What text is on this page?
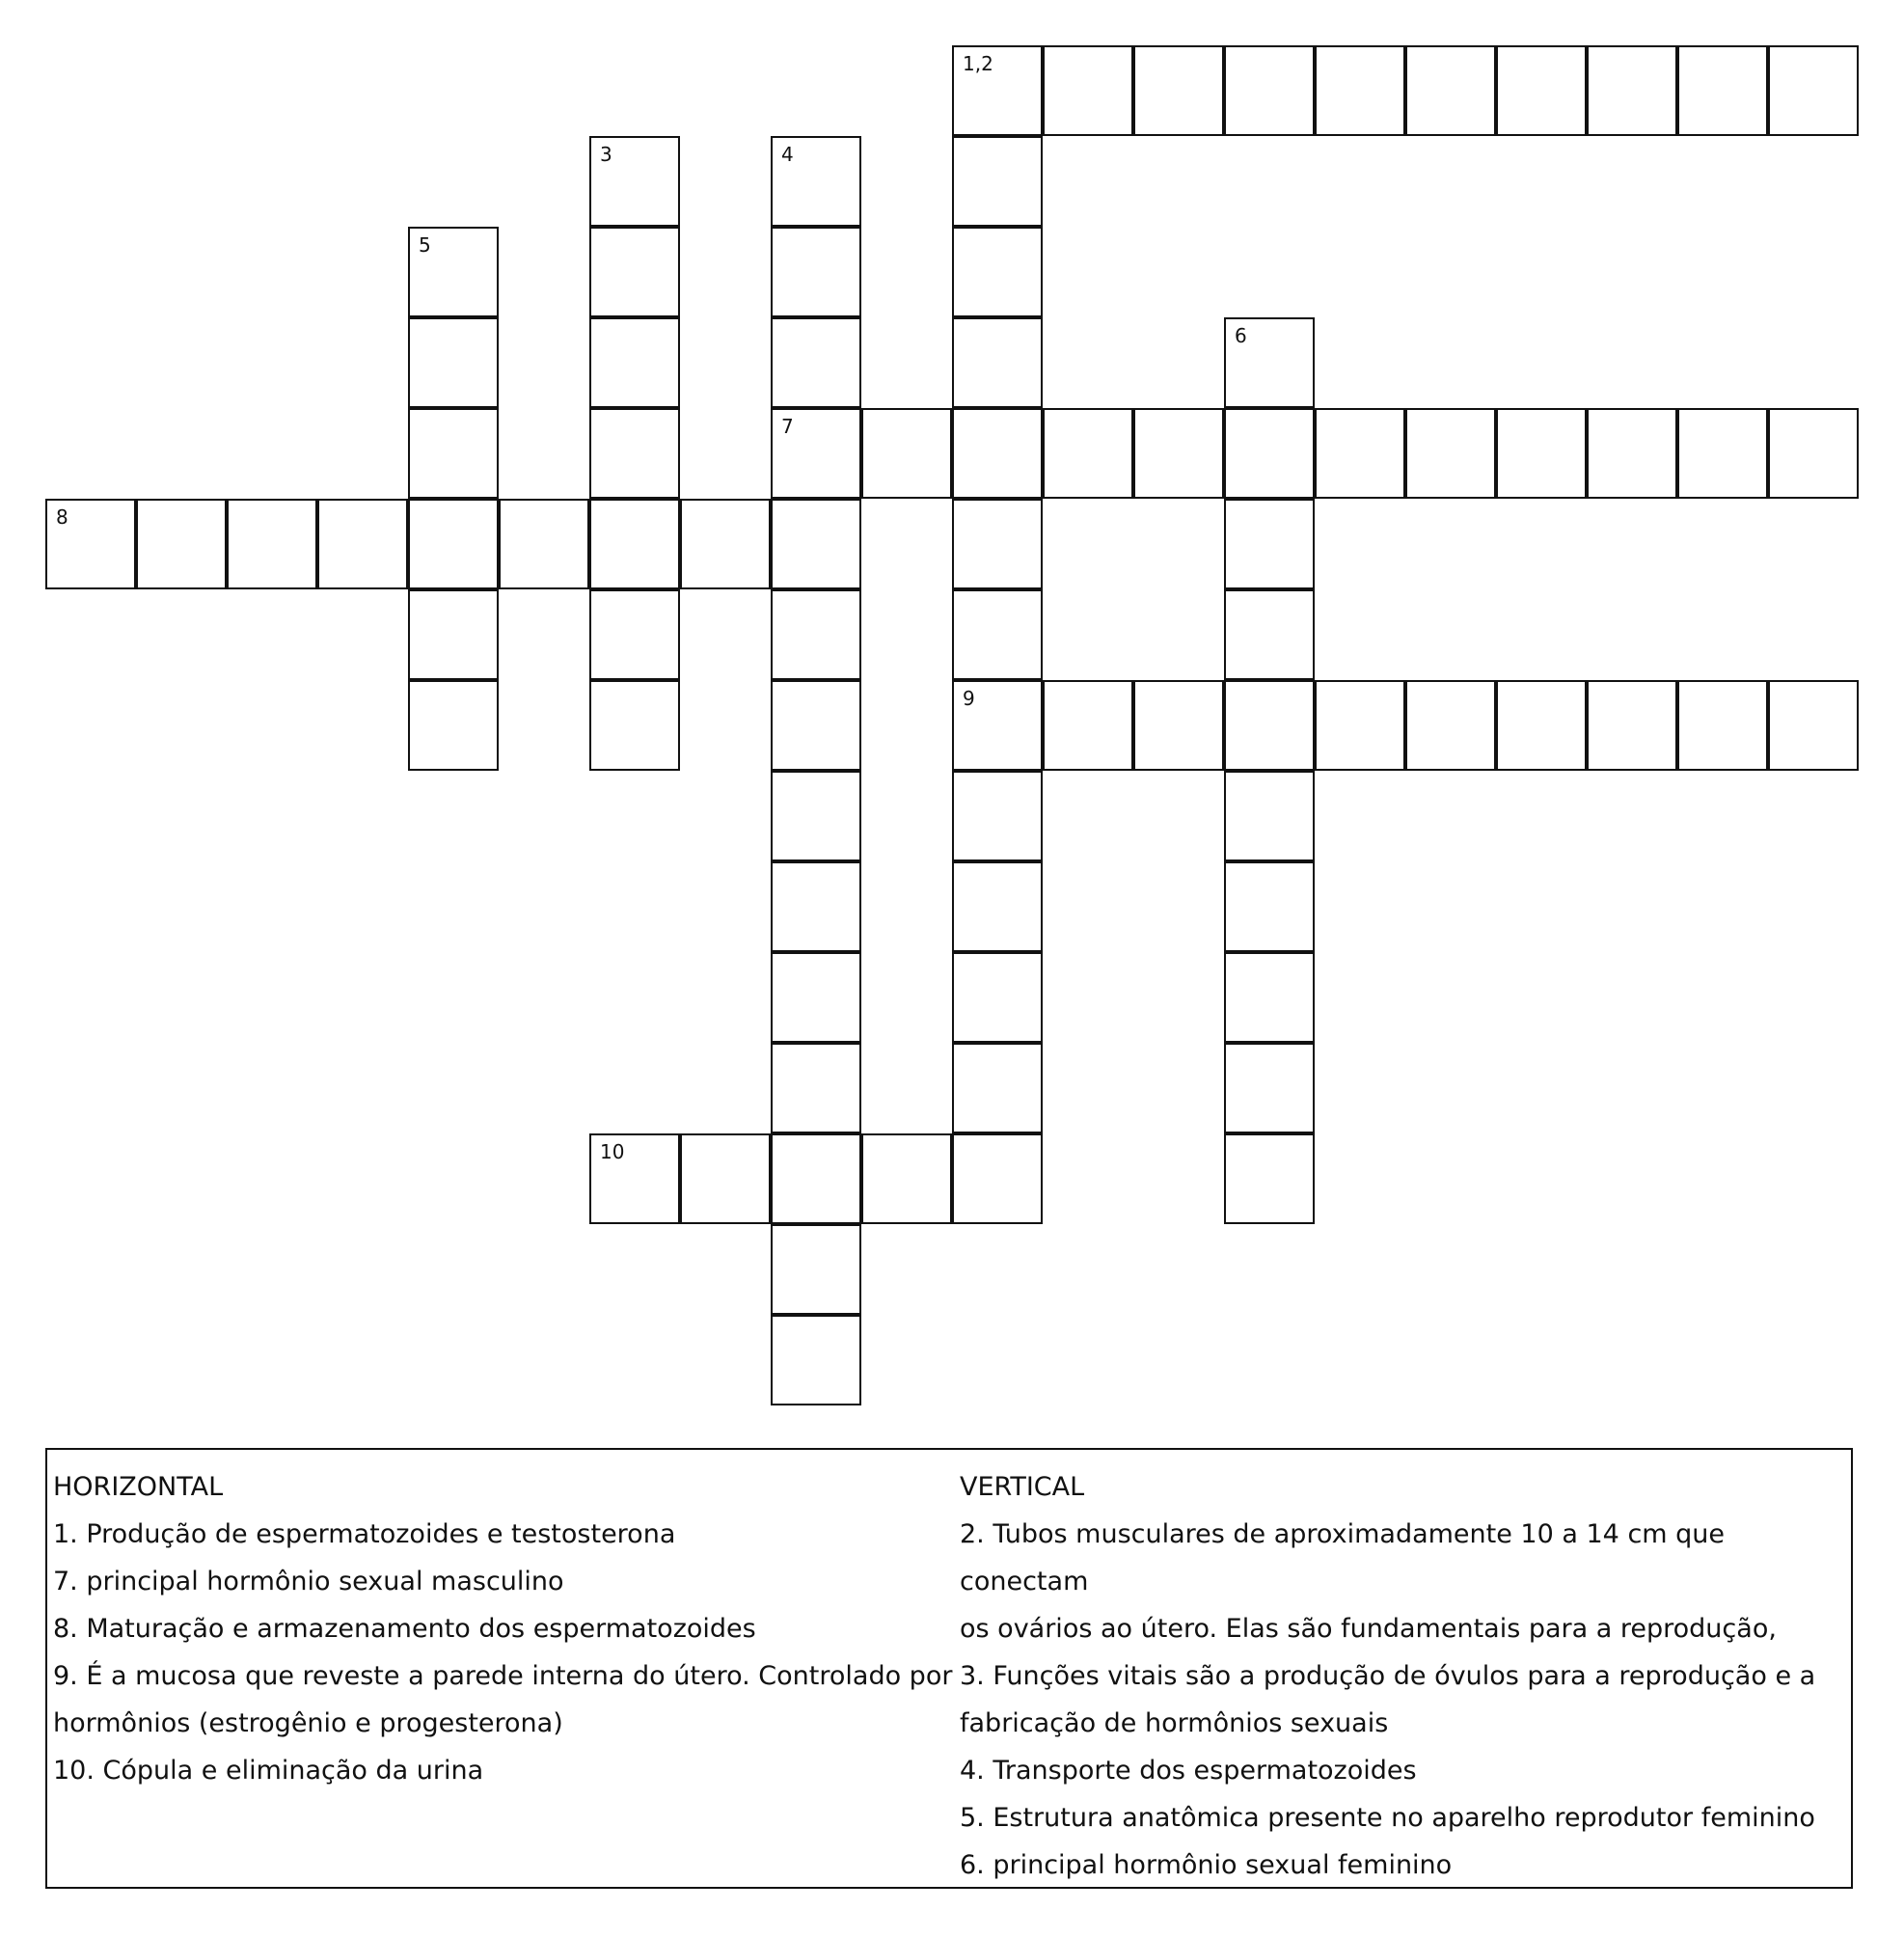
1,2
9
3	4
7
5
6
8
10

HORIZONTAL

1. Produção de espermatozoides e testosterona

7. principal hormônio sexual masculino

8. Maturação e armazenamento dos espermatozoides

9. É a mucosa que reveste a parede interna do útero. Controlado por

hormônios (estrogênio e progesterona)

10. Cópula e eliminação da urina

VERTICAL

2. Tubos musculares de aproximadamente 10 a 14 cm que conectam

os ovários ao útero. Elas são fundamentais para a reprodução,

3. Funções vitais são a produção de óvulos para a reprodução e a

fabricação de hormônios sexuais

4. Transporte dos espermatozoides

5. Estrutura anatômica presente no aparelho reprodutor feminino

6. principal hormônio sexual feminino
